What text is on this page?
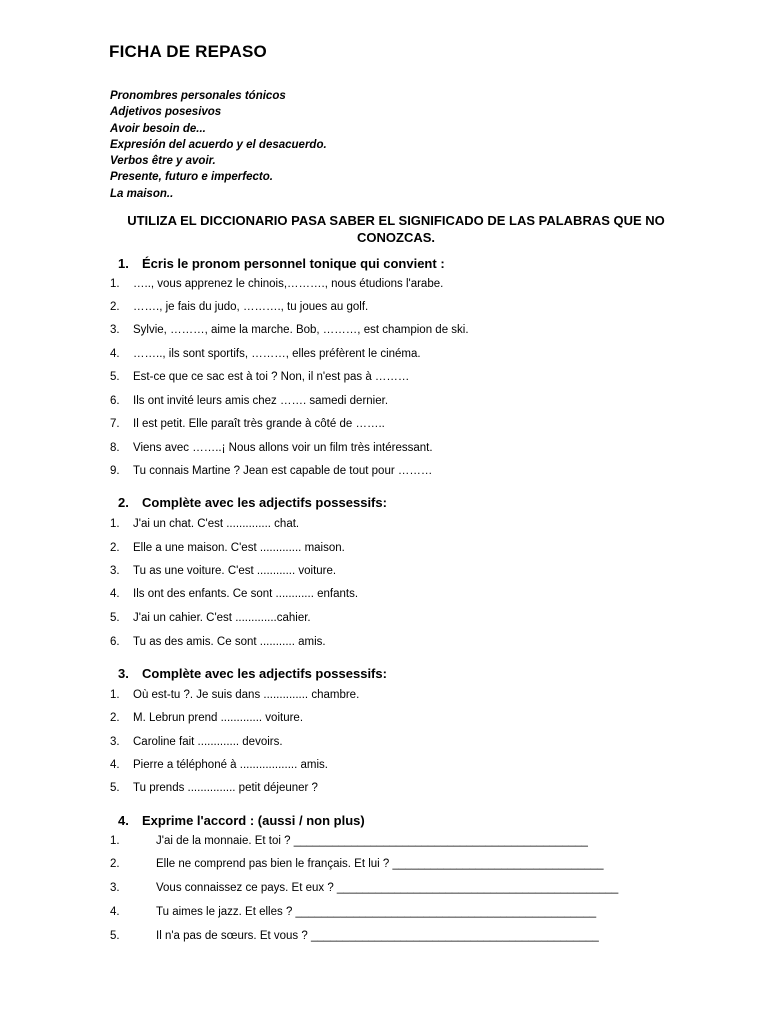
FICHA DE REPASO
Pronombres personales tónicos
Adjetivos posesivos
Avoir besoin de...
Expresión del acuerdo y el desacuerdo.
Verbos être y avoir.
Presente, futuro e imperfecto.
La maison..
UTILIZA EL DICCIONARIO PASA SABER EL SIGNIFICADO DE LAS PALABRAS QUE NO CONOZCAS.
1. Écris le pronom personnel tonique qui convient :
1. ….., vous apprenez le chinois,………., nous étudions l'arabe.
2. ……., je fais du judo, ………., tu joues au golf.
3. Sylvie, ………, aime la marche. Bob, ………, est champion de ski.
4. …….., ils sont sportifs, ………, elles préfèrent le cinéma.
5. Est-ce que ce sac est à toi ? Non, il n'est pas à ………
6. Ils ont invité leurs amis chez ……. samedi dernier.
7. Il est petit. Elle paraît très grande à côté de ……..
8. Viens avec ……..¡ Nous allons voir un film très intéressant.
9. Tu connais Martine ? Jean est capable de tout pour ………
2. Complète avec les adjectifs possessifs:
1. J'ai un chat. C'est .............. chat.
2. Elle a une maison. C'est ............. maison.
3. Tu as une voiture. C'est ............ voiture.
4. Ils ont des enfants. Ce sont ............ enfants.
5. J'ai un cahier. C'est .............cahier.
6. Tu as des amis. Ce sont ........... amis.
3. Complète avec les adjectifs possessifs:
1. Où est-tu ?. Je suis dans .............. chambre.
2. M. Lebrun prend ............. voiture.
3. Caroline fait ............. devoirs.
4. Pierre a téléphoné à .................. amis.
5. Tu prends ............... petit déjeuner ?
4. Exprime l'accord : (aussi / non plus)
1.	J'ai de la monnaie. Et toi ? ______________________________________________
2.	Elle ne comprend pas bien le français. Et lui ? _________________________________
3.	Vous connaissez ce pays. Et eux ? ____________________________________________
4.	Tu aimes le jazz. Et elles ? _______________________________________________
5.	Il n'a pas de sœurs. Et vous ? _____________________________________________
